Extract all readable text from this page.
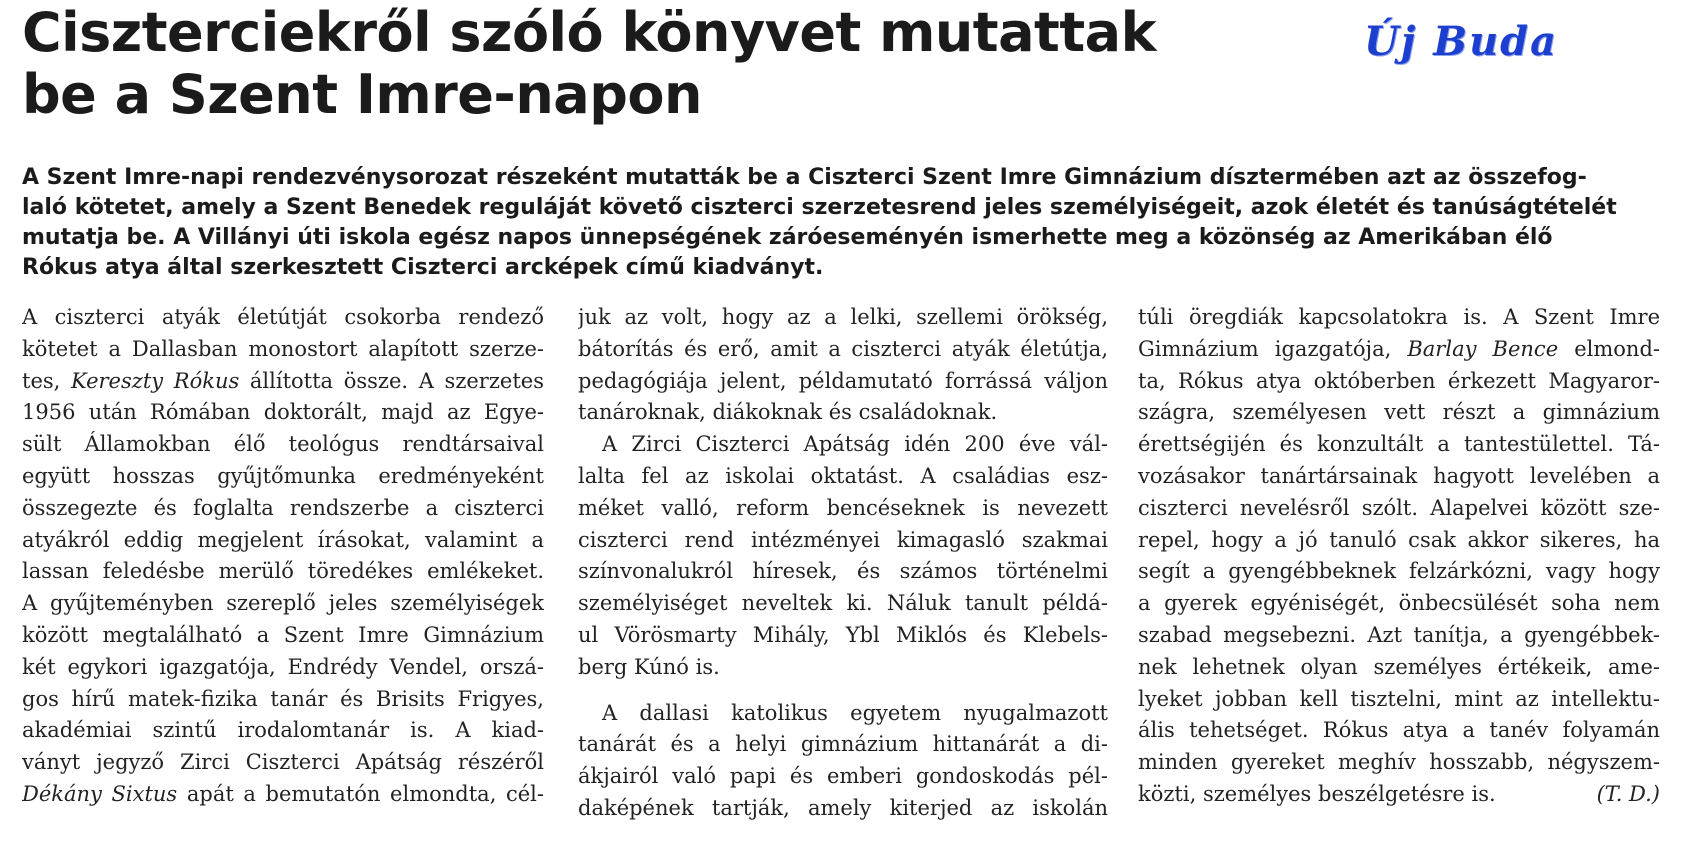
Ciszterciekről szóló könyvet mutattak
be a Szent Imre-napon
Új Buda
A Szent Imre-napi rendezvénysorozat részeként mutatták be a Ciszterci Szent Imre Gimnázium dísztermében azt az összefog-
laló kötetet, amely a Szent Benedek reguláját követő ciszterci szerzetesrend jeles személyiségeit, azok életét és tanúságtételét
mutatja be. A Villányi úti iskola egész napos ünnepségének záróeseményén ismerhette meg a közönség az Amerikában élő
Rókus atya által szerkesztett Ciszterci arcképek című kiadványt.
A ciszterci atyák életútját csokorba rendező
kötetet a Dallasban monostort alapított szerze-
tes, Kereszty Rókus állította össze. A szerzetes
1956 után Rómában doktorált, majd az Egye-
sült Államokban élő teológus rendtársaival
együtt hosszas gyűjtőmunka eredményeként
összegezte és foglalta rendszerbe a ciszterci
atyákról eddig megjelent írásokat, valamint a
lassan feledésbe merülő töredékes emlékeket.
A gyűjteményben szereplő jeles személyiségek
között megtalálható a Szent Imre Gimnázium
két egykori igazgatója, Endrédy Vendel, orszá-
gos hírű matek-fizika tanár és Brisits Frigyes,
akadémiai szintű irodalomtanár is. A kiad-
ványt jegyző Zirci Ciszterci Apátság részéről
Dékány Sixtus apát a bemutatón elmondta, cél-
juk az volt, hogy az a lelki, szellemi örökség,
bátorítás és erő, amit a ciszterci atyák életútja,
pedagógiája jelent, példamutató forrássá váljon
tanároknak, diákoknak és családoknak.
A Zirci Ciszterci Apátság idén 200 éve vál-
lalta fel az iskolai oktatást. A családias esz-
méket valló, reform bencéseknek is nevezett
ciszterci rend intézményei kimagasló szakmai
színvonalukról híresek, és számos történelmi
személyiséget neveltek ki. Náluk tanult példá-
ul Vörösmarty Mihály, Ybl Miklós és Klebels-
berg Kúnó is.
A dallasi katolikus egyetem nyugalmazott
tanárát és a helyi gimnázium hittanárát a di-
ákjairól való papi és emberi gondoskodás pél-
daképének tartják, amely kiterjed az iskolán
túli öregdiák kapcsolatokra is. A Szent Imre
Gimnázium igazgatója, Barlay Bence elmond-
ta, Rókus atya októberben érkezett Magyaror-
szágra, személyesen vett részt a gimnázium
érettségijén és konzultált a tantestülettel. Tá-
vozásakor tanártársainak hagyott levelében a
ciszterci nevelésről szólt. Alapelvei között sze-
repel, hogy a jó tanuló csak akkor sikeres, ha
segít a gyengébbeknek felzárkózni, vagy hogy
a gyerek egyéniségét, önbecsülését soha nem
szabad megsebezni. Azt tanítja, a gyengébbek-
nek lehetnek olyan személyes értékeik, ame-
lyeket jobban kell tisztelni, mint az intellektu-
ális tehetséget. Rókus atya a tanév folyamán
minden gyereket meghív hosszabb, négyszem-
közti, személyes beszélgetésre is.	(T. D.)
